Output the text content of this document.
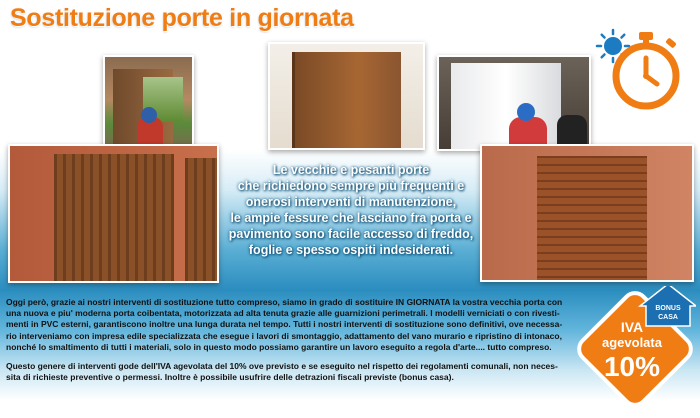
Sostituzione porte in giornata
Le vecchie e pesanti porte
che richiedono sempre più frequenti e
onerosi interventi di manutenzione,
le ampie fessure che lasciano fra porta e
pavimento sono facile accesso di freddo,
foglie e spesso ospiti indesiderati.
Oggi però, grazie ai nostri interventi di sostituzione tutto compreso, siamo in grado di sostituire IN GIORNATA la vostra vecchia porta con
una nuova e piu' moderna porta coibentata, motorizzata ad alta tenuta grazie alle guarnizioni perimetrali. I modelli verniciati o con rivesti-
menti in PVC esterni, garantiscono inoltre una lunga durata nel tempo. Tutti i nostri interventi di sostituzione sono definitivi, ove necessa-
rio interveniamo con impresa edile specializzata che esegue i lavori di smontaggio, adattamento del vano murario e ripristino di intonaco,
nonché lo smaltimento di tutti i materiali, solo in questo modo possiamo garantire un lavoro eseguito a regola d'arte.... tutto compreso.
Questo genere di interventi gode dell'IVA agevolata del 10% ove previsto e se eseguito nel rispetto dei regolamenti comunali, non neces-
sita di richieste preventive o permessi. Inoltre è possibile usufrire delle detrazioni fiscali previste (bonus casa).
BONUS
CASA
IVA
agevolata
10%
